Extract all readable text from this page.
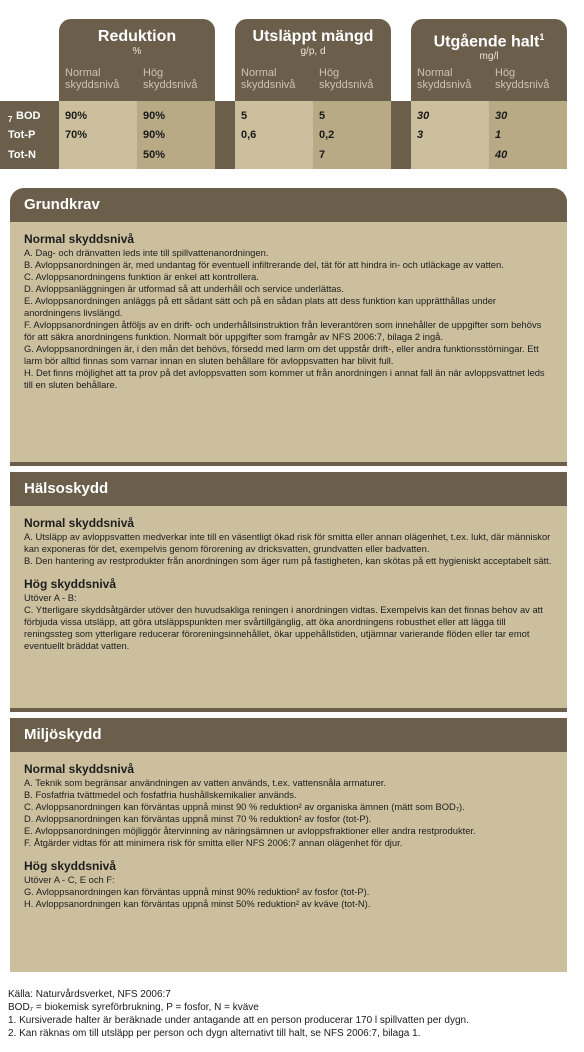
Reduktion
%
Utsläppt mängd
g/p, d
Utgående halt$^1$
mg/l
Normal
skyddsnivå
Hög
skyddsnivå
Normal
skyddsnivå
Hög
skyddsnivå
Normal
skyddsnivå
Hög
skyddsnivå
BOD
$_7$
Tot-P
Tot-N
90%
70%
90%
90%
50%
5
0,6
5
0,2
7
30
3
30
1
40
Grundkrav
Normal skyddsnivå
A. Dag- och dränvatten leds inte till spillvattenanordningen.
B. Avloppsanordningen är, med undantag för eventuell infiltrerande del, tät för att hindra in- och utläckage av vatten.
C. Avloppsanordningens funktion är enkel att kontrollera.
D. Avloppsanläggningen är utformad så att underhåll och service underlättas.
E. Avloppsanordningen anläggs på ett sådant sätt och på en sådan plats att dess funktion kan upprätthållas under anordningens livslängd.
F. Avloppsanordningen åtföljs av en drift- och underhållsinstruktion från leverantören som innehåller de uppgifter som behövs för att säkra anordningens funktion. Normalt bör uppgifter som framgår av NFS 2006:7, bilaga 2 ingå.
G. Avloppsanordningen är, i den mån det behövs, försedd med larm om det uppstår drift-, eller andra funktionsstörningar. Ett larm bör alltid finnas som varnar innan en sluten behållare för avloppsvatten har blivit full.
H. Det finns möjlighet att ta prov på det avloppsvatten som kommer ut från anordningen i annat fall än när avloppsvattnet leds till en sluten behållare.
Hälsoskydd
Normal skyddsnivå
A. Utsläpp av avloppsvatten medverkar inte till en väsentligt ökad risk för smitta eller annan olägenhet, t.ex. lukt, där människor kan exponeras för det, exempelvis genom förorening av dricksvatten, grundvatten eller badvatten.
B. Den hantering av restprodukter från anordningen som äger rum på fastigheten, kan skötas på ett hygieniskt acceptabelt sätt.
Hög skyddsnivå
Utöver A - B:
C. Ytterligare skyddsåtgärder utöver den huvudsakliga reningen i anordningen vidtas. Exempelvis kan det finnas behov av att förbjuda vissa utsläpp, att göra utsläppspunkten mer svårtillgänglig, att öka anordningens robusthet eller att lägga till reningssteg som ytterligare reducerar föroreningsinnehållet, ökar uppehållstiden, utjämnar varierande flöden eller tar emot eventuellt bräddat vatten.
Miljöskydd
Normal skyddsnivå
A. Teknik som begränsar användningen av vatten används, t.ex. vattensnåla armaturer.
B. Fosfatfria tvättmedel och fosfatfria hushållskemikalier används.
C. Avloppsanordningen kan förväntas uppnå minst 90 % reduktion² av organiska ämnen (mätt som BOD₇).
D. Avloppsanordningen kan förväntas uppnå minst 70 % reduktion² av fosfor (tot-P).
E. Avloppsanordningen möjliggör återvinning av näringsämnen ur avloppsfraktioner eller andra restprodukter.
F. Åtgärder vidtas för att minimera risk för smitta eller NFS 2006:7 annan olägenhet för djur.
Hög skyddsnivå
Utöver A - C, E och F:
G. Avloppsanordningen kan förväntas uppnå minst 90% reduktion² av fosfor (tot-P).
H. Avloppsanordningen kan förväntas uppnå minst 50% reduktion² av kväve (tot-N).
Källa: Naturvårdsverket, NFS 2006:7
BOD₇ = biokemisk syreförbrukning, P = fosfor, N = kväve
1. Kursiverade halter är beräknade under antagande att en person producerar 170 l spillvatten per dygn.
2. Kan räknas om till utsläpp per person och dygn alternativt till halt, se NFS 2006:7, bilaga 1.
